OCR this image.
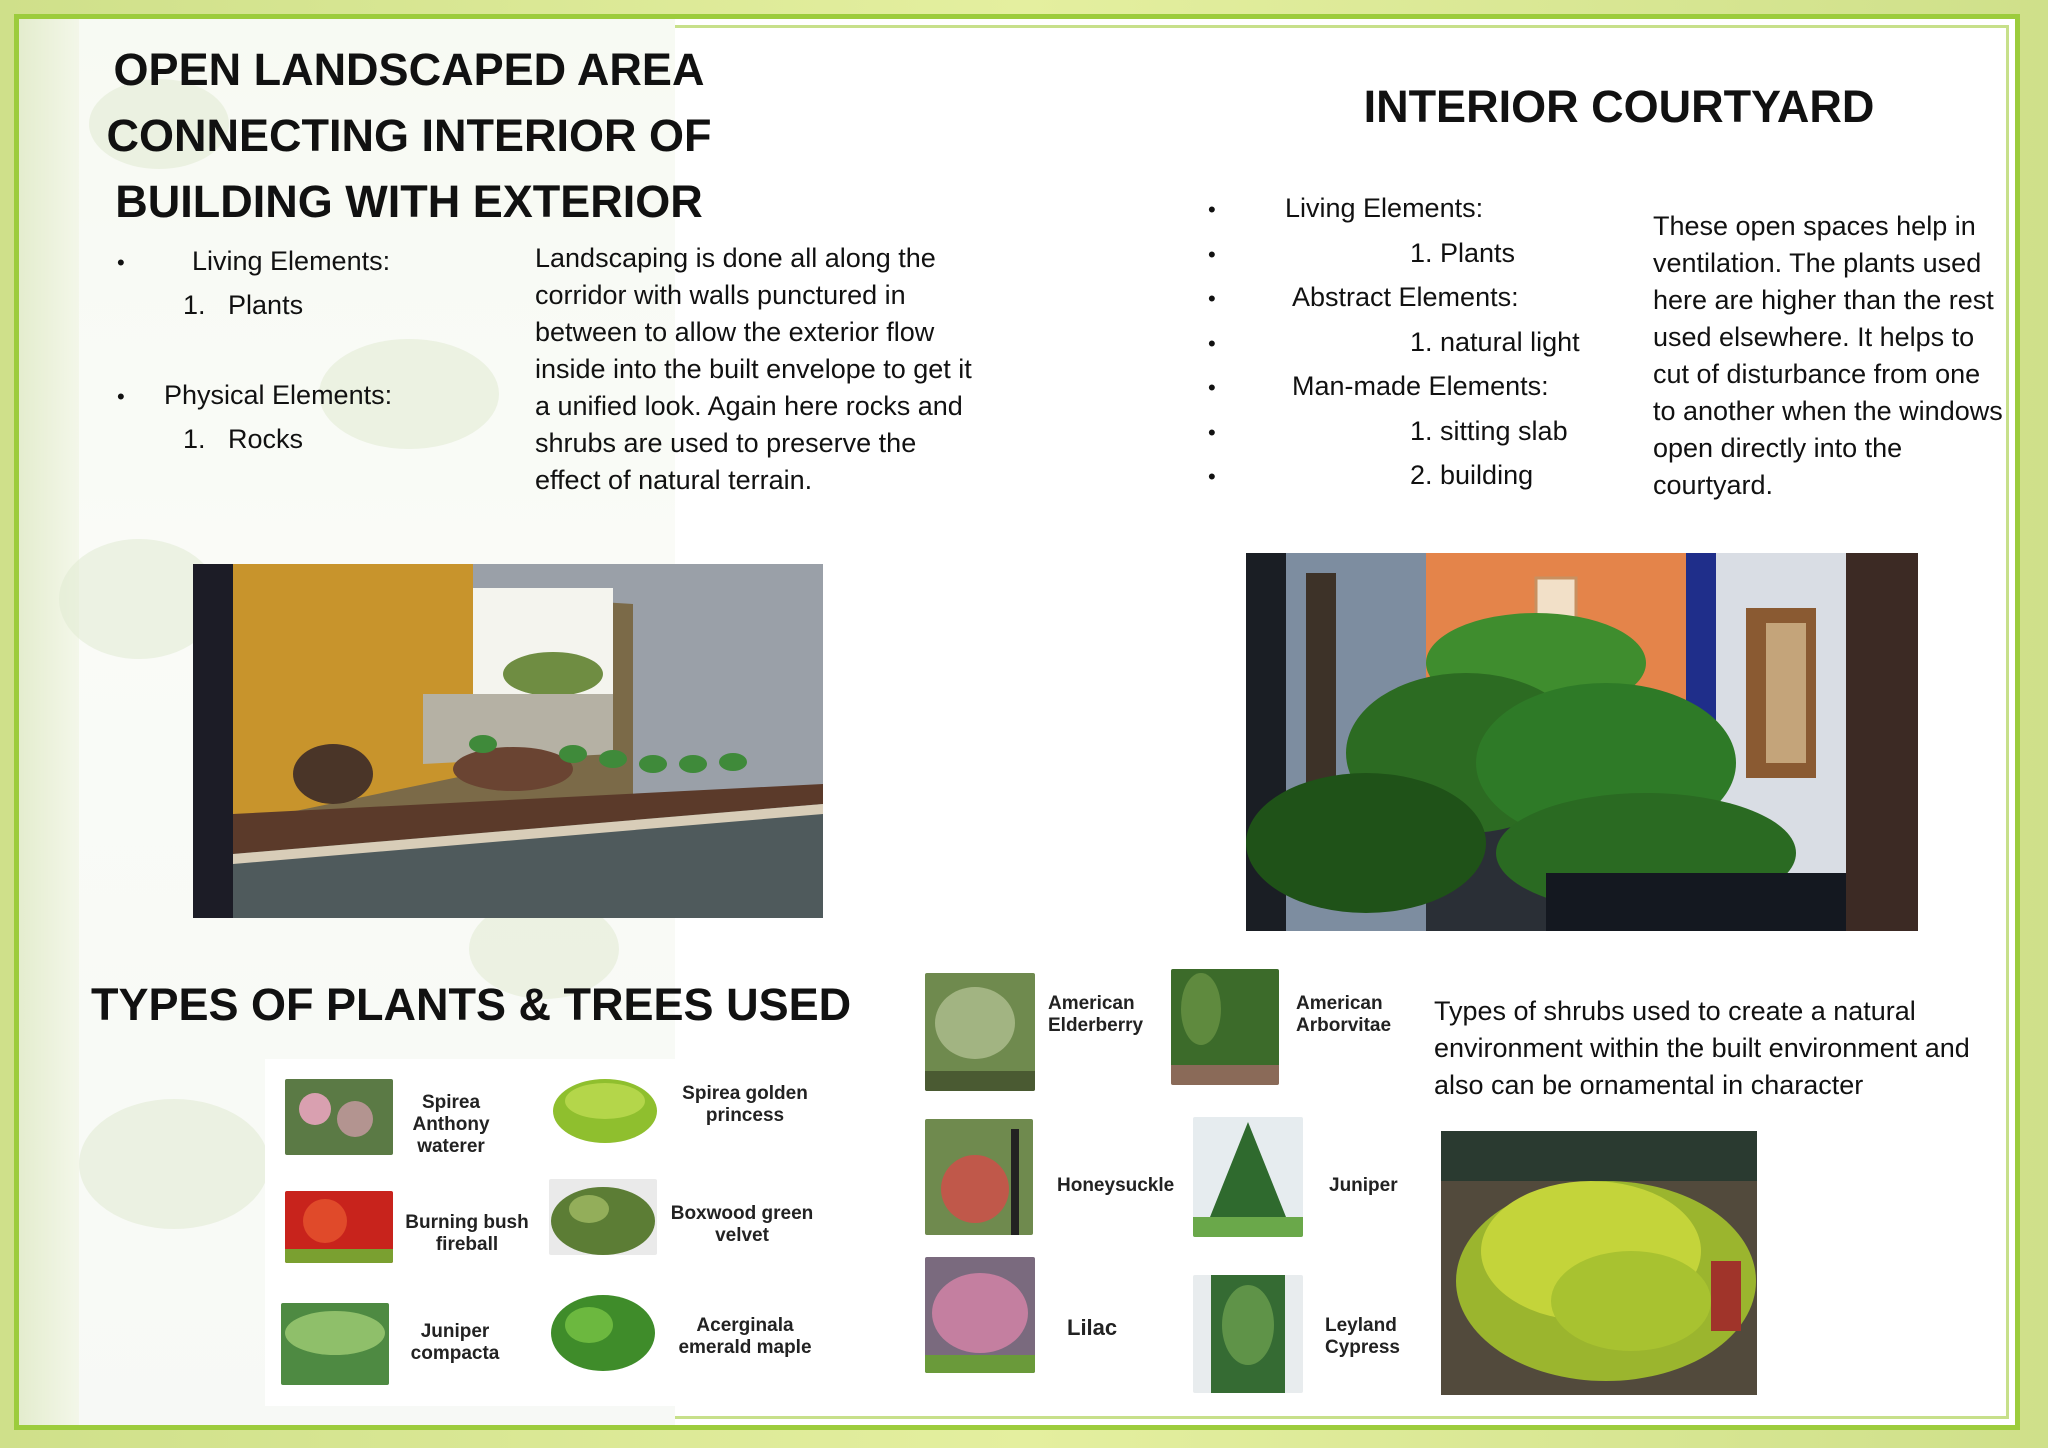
OPEN LANDSCAPED AREA
CONNECTING INTERIOR OF
BUILDING WITH EXTERIOR
• Living Elements:
1.   Plants
• Physical Elements:
1.   Rocks
Landscaping is done all along the corridor with walls punctured in between to allow the exterior flow inside into the built envelope to get it a unified look. Again here rocks and shrubs are used to preserve the effect of natural terrain.
INTERIOR COURTYARD
•	Living Elements:
•	1. Plants
•	Abstract Elements:
•	1. natural light
•	Man-made Elements:
•	1. sitting slab
•	2. building
These open spaces help in ventilation. The plants used here are higher than the rest used elsewhere. It helps to cut of disturbance from one to another when the windows open directly into the courtyard.
TYPES OF PLANTS & TREES USED
Spirea Anthony waterer
Spirea golden princess
Burning bush fireball
Boxwood green velvet
Juniper compacta
Acerginala emerald maple
American Elderberry
American Arborvitae
Honeysuckle	Juniper
Lilac	Leyland Cypress
Types of shrubs used to create a natural environment within the built environment and also can be ornamental in character
